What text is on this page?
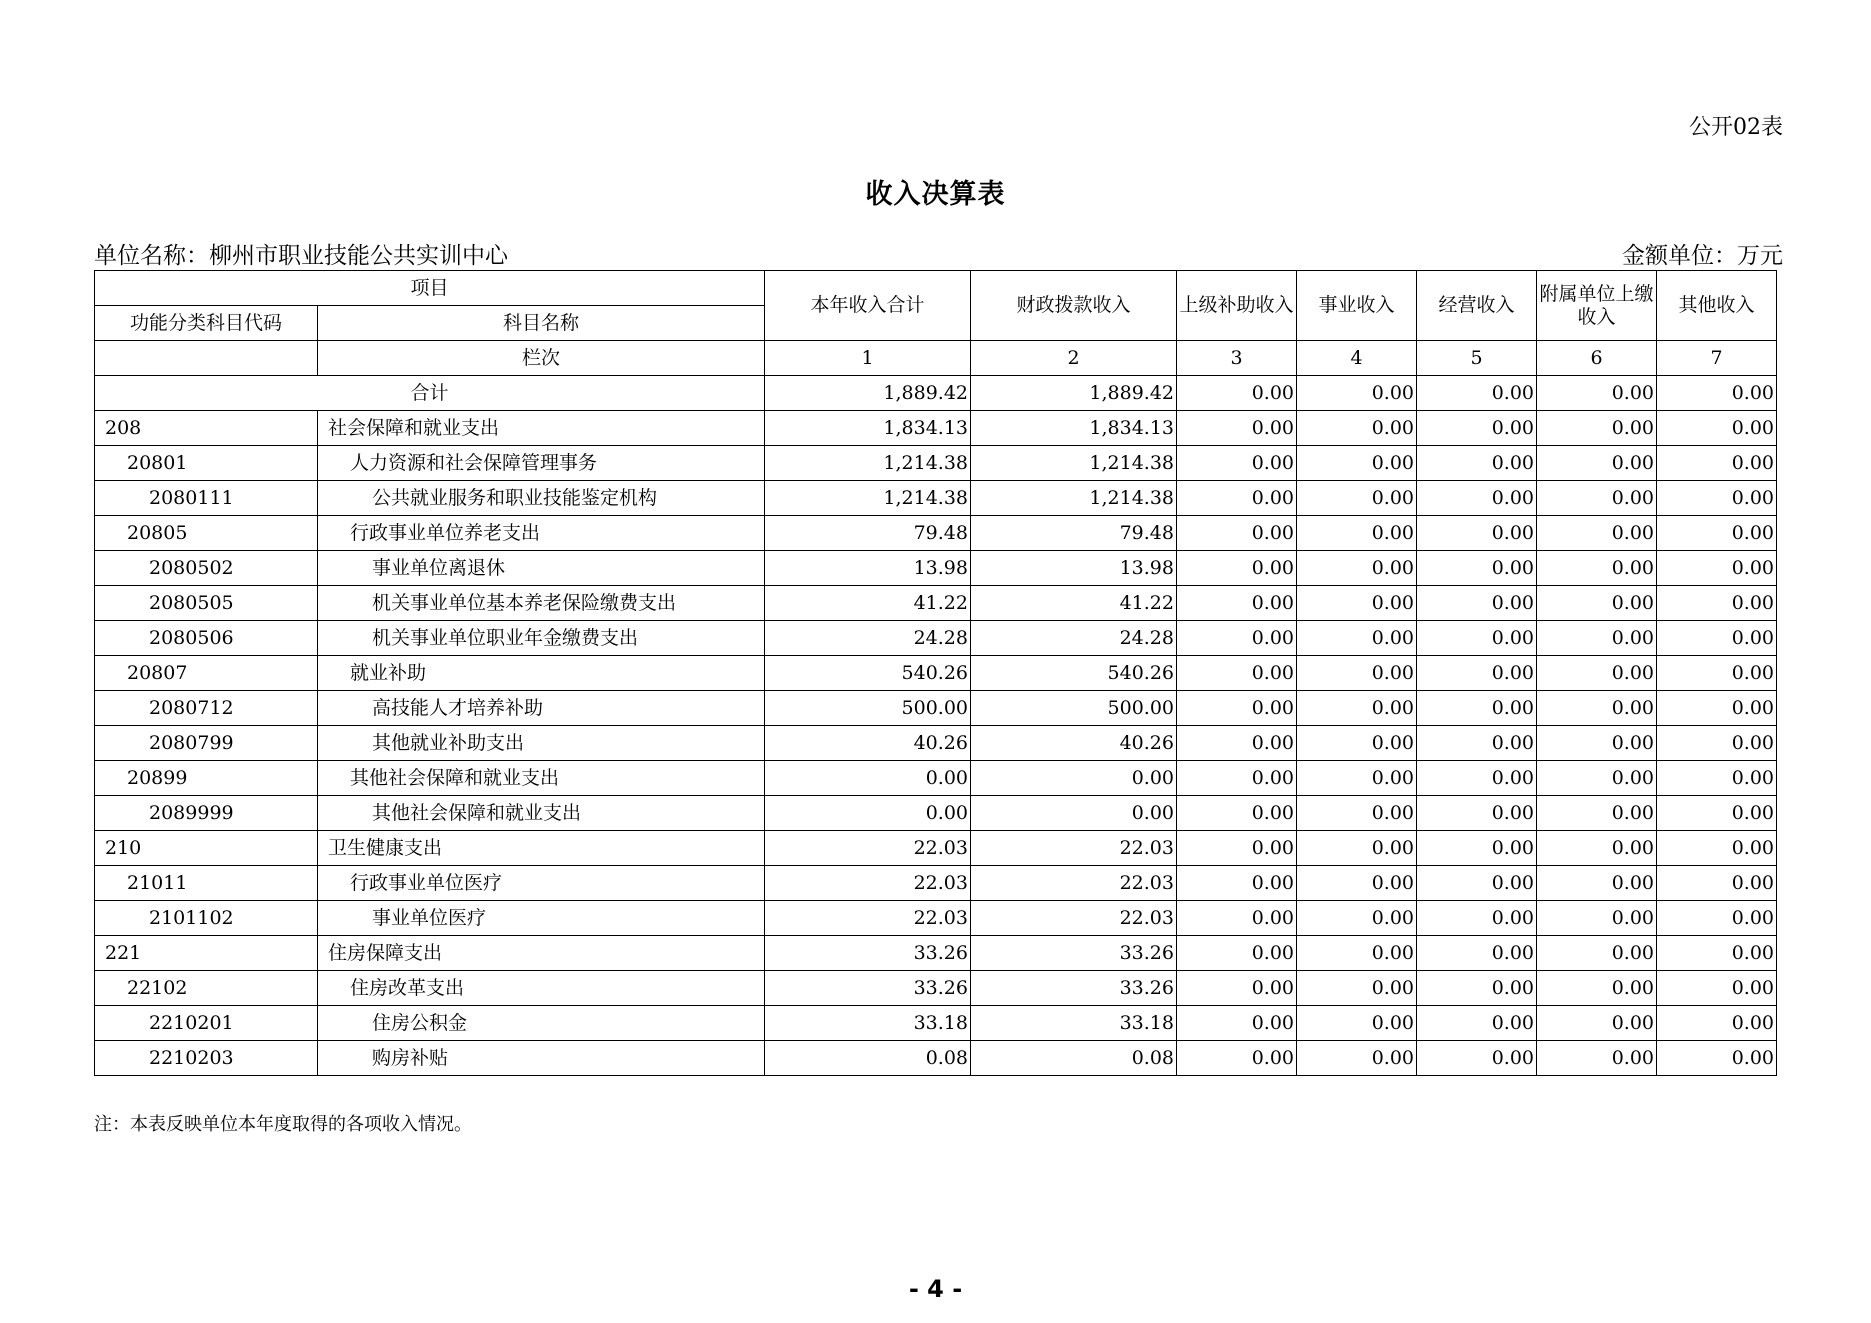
公开02表
收入决算表
单位名称：柳州市职业技能公共实训中心	金额单位：万元
项目		本年收入合计	财政拨款收入	上级补助收入	事业收入	经营收入	附属单位上缴收入	其他收入
功能分类科目代码	科目名称							
	栏次	1	2	3	4	5	6	7
合计		1,889.42	1,889.42	0.00	0.00	0.00	0.00	0.00
208	社会保障和就业支出	1,834.13	1,834.13	0.00	0.00	0.00	0.00	0.00
20801	人力资源和社会保障管理事务	1,214.38	1,214.38	0.00	0.00	0.00	0.00	0.00
2080111	公共就业服务和职业技能鉴定机构	1,214.38	1,214.38	0.00	0.00	0.00	0.00	0.00
20805	行政事业单位养老支出	79.48	79.48	0.00	0.00	0.00	0.00	0.00
2080502	事业单位离退休	13.98	13.98	0.00	0.00	0.00	0.00	0.00
2080505	机关事业单位基本养老保险缴费支出	41.22	41.22	0.00	0.00	0.00	0.00	0.00
2080506	机关事业单位职业年金缴费支出	24.28	24.28	0.00	0.00	0.00	0.00	0.00
20807	就业补助	540.26	540.26	0.00	0.00	0.00	0.00	0.00
2080712	高技能人才培养补助	500.00	500.00	0.00	0.00	0.00	0.00	0.00
2080799	其他就业补助支出	40.26	40.26	0.00	0.00	0.00	0.00	0.00
20899	其他社会保障和就业支出	0.00	0.00	0.00	0.00	0.00	0.00	0.00
2089999	其他社会保障和就业支出	0.00	0.00	0.00	0.00	0.00	0.00	0.00
210	卫生健康支出	22.03	22.03	0.00	0.00	0.00	0.00	0.00
21011	行政事业单位医疗	22.03	22.03	0.00	0.00	0.00	0.00	0.00
2101102	事业单位医疗	22.03	22.03	0.00	0.00	0.00	0.00	0.00
221	住房保障支出	33.26	33.26	0.00	0.00	0.00	0.00	0.00
22102	住房改革支出	33.26	33.26	0.00	0.00	0.00	0.00	0.00
2210201	住房公积金	33.18	33.18	0.00	0.00	0.00	0.00	0.00
2210203	购房补贴	0.08	0.08	0.00	0.00	0.00	0.00	0.00
注：本表反映单位本年度取得的各项收入情况。
- 4 -
